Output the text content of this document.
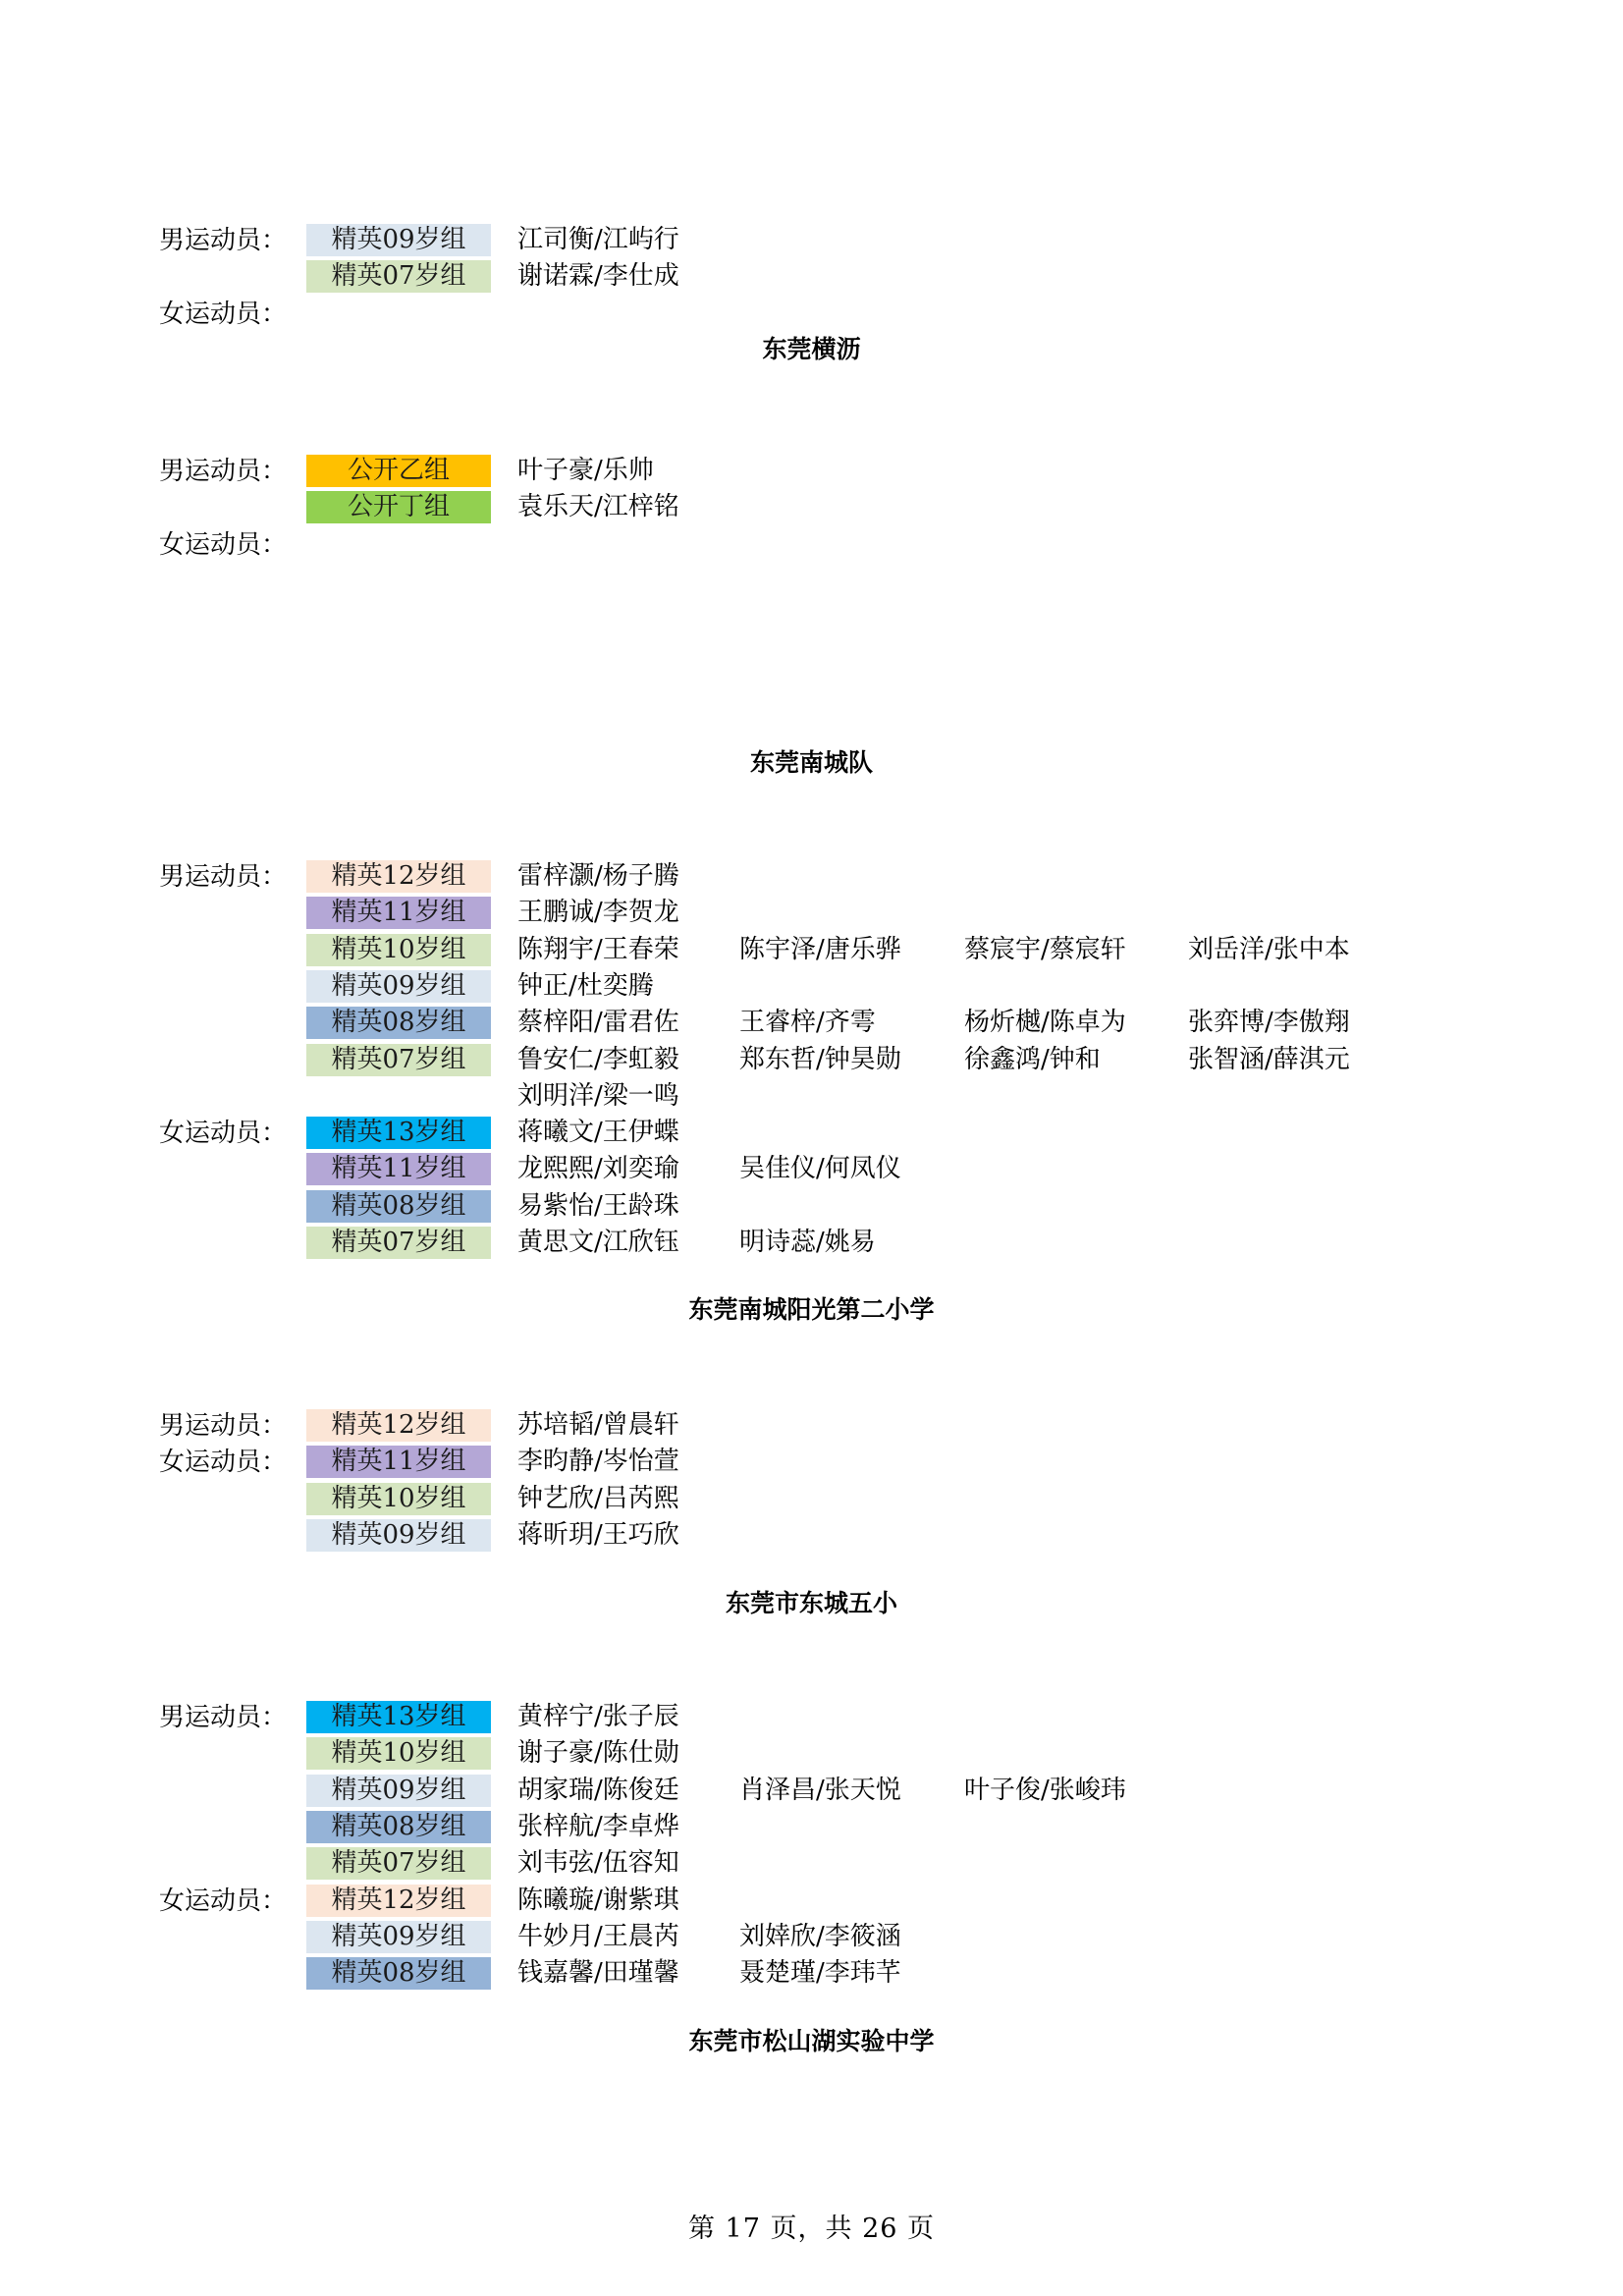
男运动员：	精英09岁组	江司衡/江屿行
精英07岁组	谢诺霖/李仕成
女运动员：
东莞横沥
男运动员：	公开乙组	叶子豪/乐帅
公开丁组	袁乐天/江梓铭
女运动员：
东莞南城队
男运动员：	精英12岁组	雷梓灏/杨子腾
精英11岁组	王鹏诚/李贺龙
精英10岁组	陈翔宇/王春荣 陈宇泽/唐乐骅 蔡宸宇/蔡宸轩 刘岳洋/张中本
精英09岁组	钟正/杜奕腾
精英08岁组	蔡梓阳/雷君佐 王睿梓/齐雩	杨炘樾/陈卓为 张弈博/李傲翔
精英07岁组	鲁安仁/李虹毅 郑东哲/钟昊勋 徐鑫鸿/钟和	张智涵/薛淇元
刘明洋/梁一鸣
女运动员：	精英13岁组	蒋曦文/王伊蝶
精英11岁组	龙熙熙/刘奕瑜 吴佳仪/何凤仪
精英08岁组	易紫怡/王龄珠
精英07岁组	黄思文/江欣钰 明诗蕊/姚易
东莞南城阳光第二小学
男运动员：	精英12岁组	苏培韬/曾晨轩
女运动员：	精英11岁组	李昀静/岑怡萱
精英10岁组	钟艺欣/吕芮熙
精英09岁组	蒋昕玥/王巧欣
东莞市东城五小
男运动员：	精英13岁组	黄梓宁/张子辰
精英10岁组	谢子豪/陈仕勋
精英09岁组	胡家瑞/陈俊廷 肖泽昌/张天悦 叶子俊/张峻玮
精英08岁组	张梓航/李卓烨
精英07岁组	刘韦弦/伍容知
女运动员：	精英12岁组	陈曦璇/谢紫琪
精英09岁组	牛妙月/王晨芮 刘婞欣/李筱涵
精英08岁组	钱嘉馨/田瑾馨 聂楚瑾/李玮芊
东莞市松山湖实验中学
第 17 页，共 26 页
